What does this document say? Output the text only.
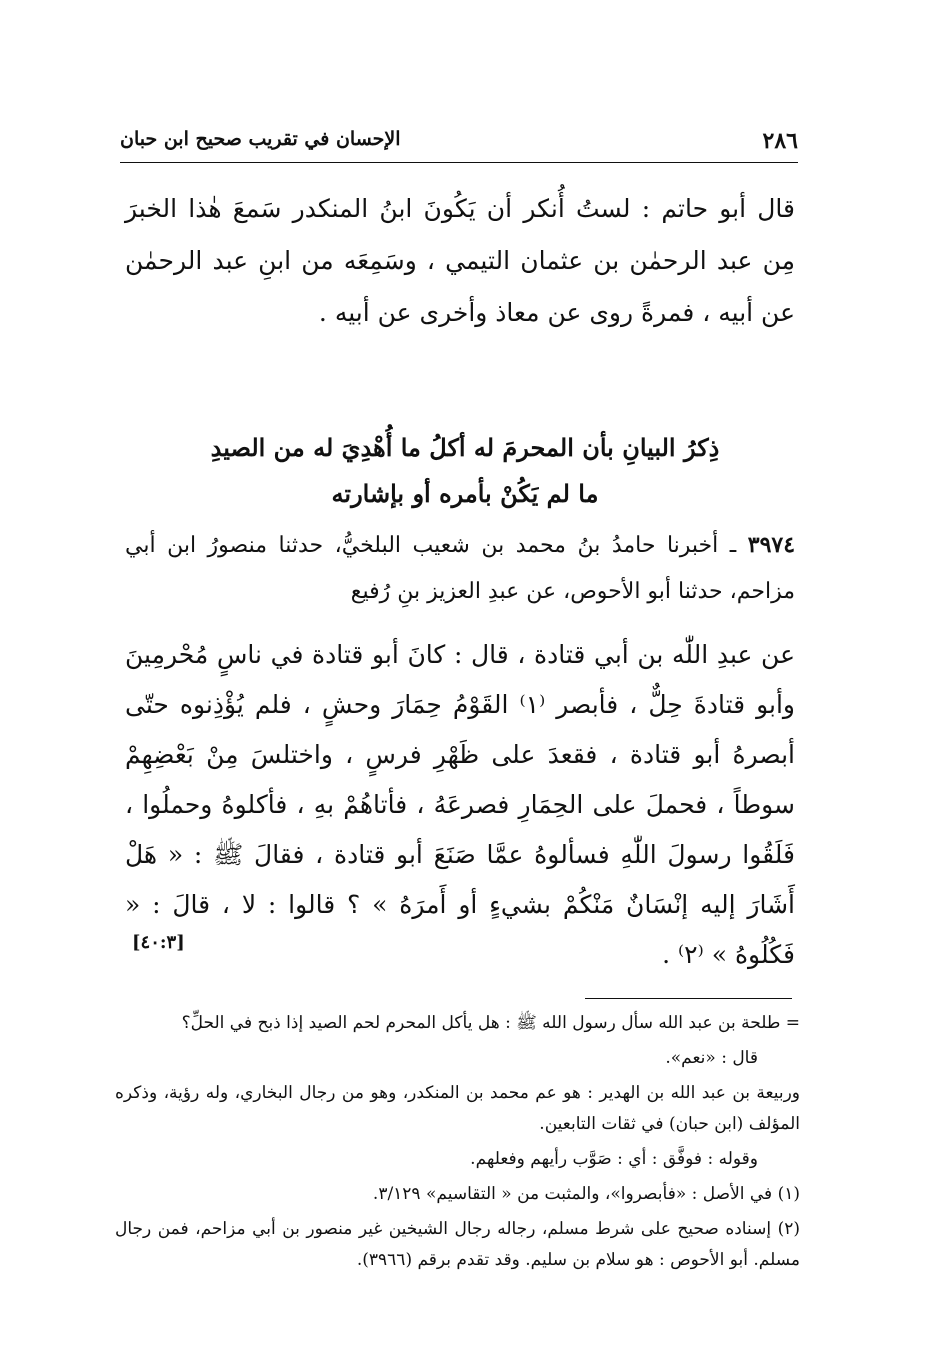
٢٨٦
الإحسان في تقريب صحيح ابن حبان

قال أبو حاتم : لستُ أُنكر أن يَكُونَ ابنُ المنكدر سَمعَ هٰذا الخبرَ مِن عبد الرحمٰن بن عثمان التيمي ، وسَمِعَه من ابنِ عبد الرحمٰن عن أبيه ، فمرةً روى عن معاذ وأخرى عن أبيه .

ذِكرُ البيانِ بأن المحرمَ له أكلُ ما أُهْدِيَ له من الصيدِ
ما لم يَكُنْ بأمره أو بإشارته

٣٩٧٤ ـ أخبرنا حامدُ بنُ محمد بن شعيب البلخيُّ، حدثنا منصورُ ابن أبي مزاحم، حدثنا أبو الأحوص، عن عبدِ العزيز بنِ رُفيع

عن عبدِ اللّٰه بن أبي قتادة ، قال : كانَ أبو قتادة في ناسٍ مُحْرمِينَ وأبو قتادةَ حِلٌّ ، فأبصر ⁽١⁾ القَوْمُ حِمَارَ وحشٍ ، فلم يُؤْذِنوه حتّى أبصرهُ أبو قتادة ، فقعدَ على ظَهْرِ فرسٍ ، واختلسَ مِنْ بَعْضِهِمْ سوطاً ، فحملَ على الحِمَارِ فصرعَهُ ، فأتاهُمْ بهِ ، فأكلوهُ وحملُوا ، فَلَقُوا رسولَ اللّٰهِ فسألوهُ عمَّا صَنَعَ أبو قتادة ، فقالَ ﷺ : « هَلْ أَشَارَ إليه إنْسَانٌ مَنْكُمْ بشيءٍ أو أَمرَهُ » ؟ قالوا : لا ، قالَ : « فَكُلُوهُ » ⁽٢⁾ .

[٤٠:٣]

= طلحة بن عبد الله سأل رسول الله ﷺ : هل يأكل المحرم لحم الصيد إذا ذبح في الحلِّ؟

قال : «نعم».

وربيعة بن عبد الله بن الهدير : هو عم محمد بن المنكدر، وهو من رجال البخاري، وله رؤية، وذكره المؤلف (ابن حبان) في ثقات التابعين.

وقوله : فوفَّق : أي : صَوَّب رأيهم وفعلهم.

(١) في الأصل : «فأبصروا»، والمثبت من « التقاسيم» ٣/١٢٩.

(٢) إسناده صحيح على شرط مسلم، رجاله رجال الشيخين غير منصور بن أبي مزاحم، فمن رجال مسلم. أبو الأحوص : هو سلام بن سليم. وقد تقدم برقم (٣٩٦٦).
